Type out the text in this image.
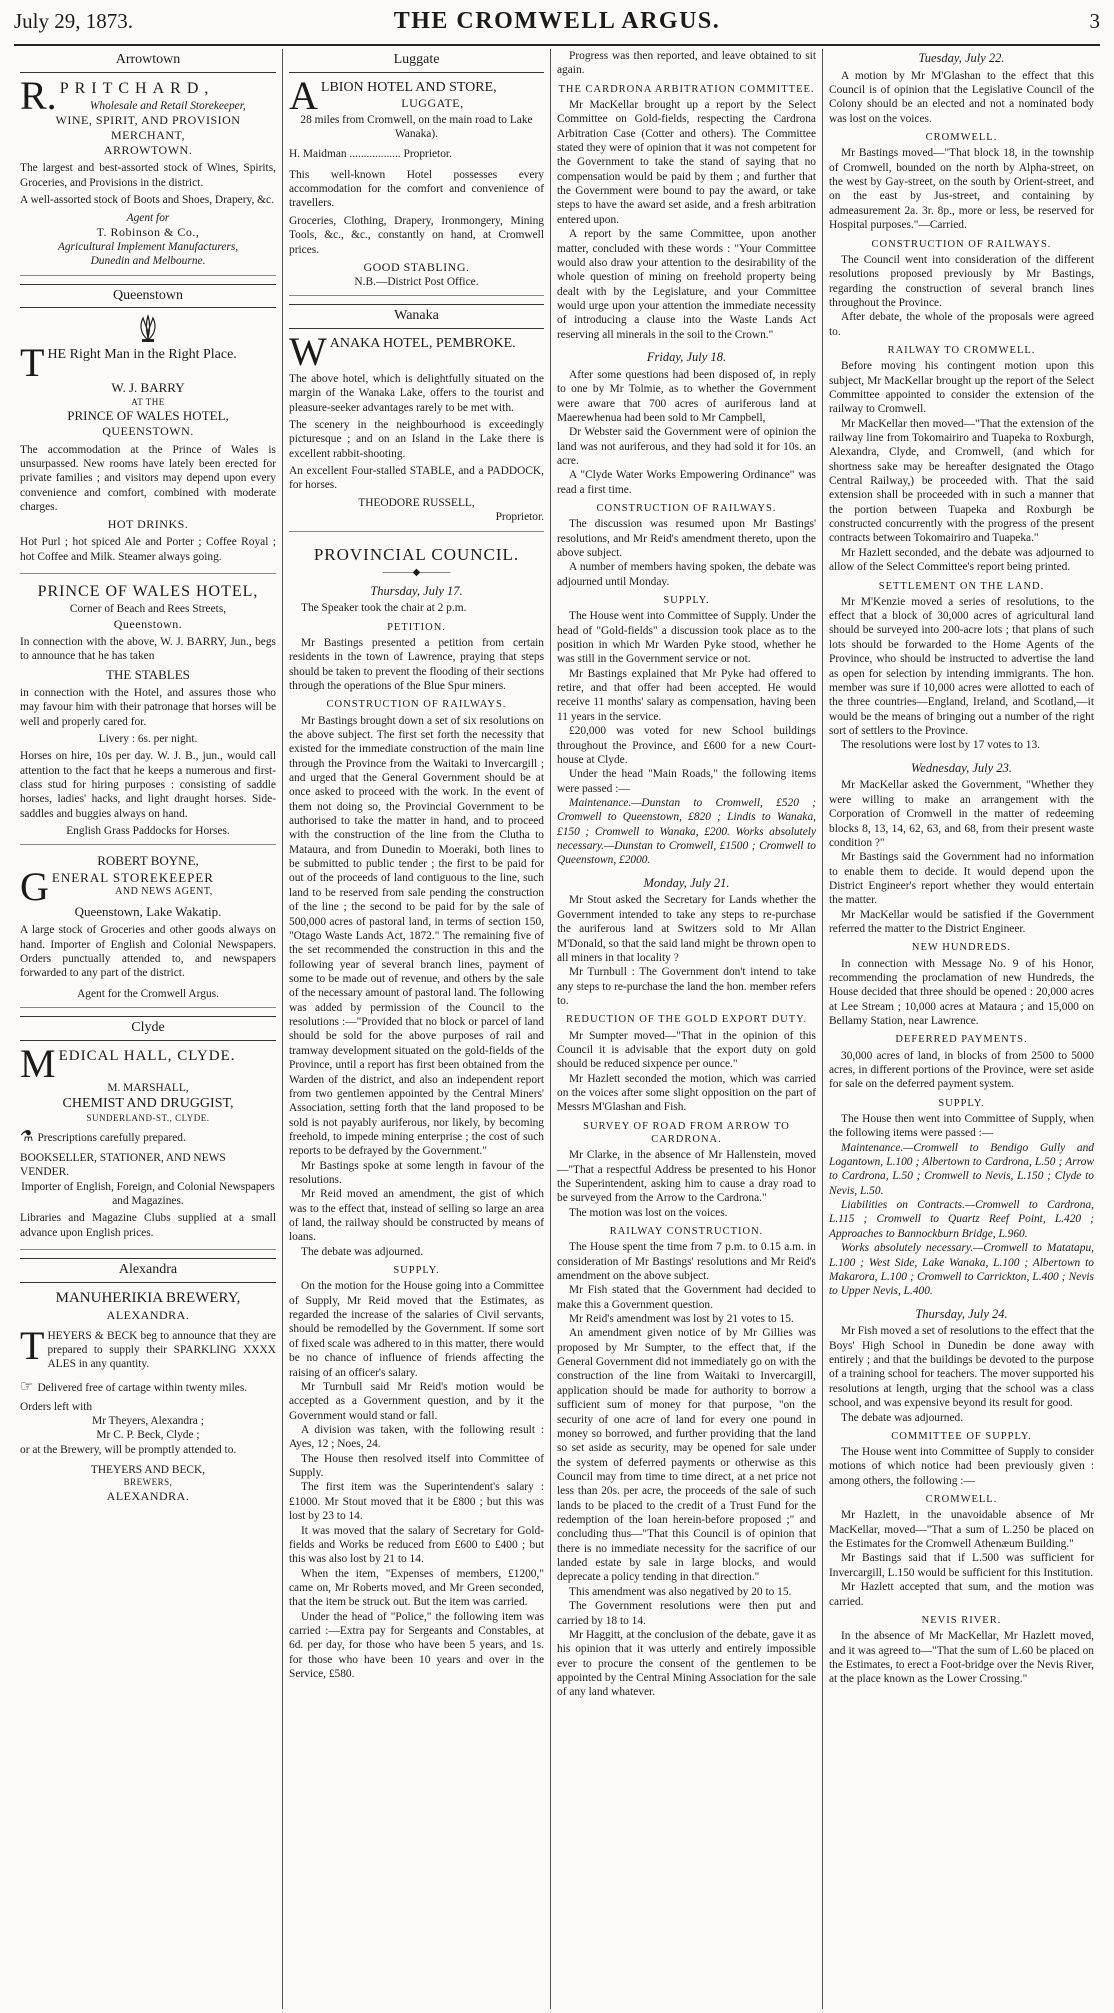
July 29, 1873.	THE CROMWELL ARGUS.	3
Arrowtown
R. PRITCHARD,
Wholesale and Retail Storekeeper,
WINE, SPIRIT, AND PROVISION MERCHANT,
ARROWTOWN.

The largest and best-assorted stock of Wines, Spirits, Groceries, and Provisions in the district.

A well-assorted stock of Boots and Shoes, Drapery, &c.

Agent for
T. Robinson & Co.,
Agricultural Implement Manufacturers,
Dunedin and Melbourne.
Queenstown
THE Right Man in the Right Place.
W. J. BARRY
AT THE
PRINCE OF WALES HOTEL,
QUEENSTOWN.

The accommodation at the Prince of Wales is unsurpassed. New rooms have lately been erected for private families ; and visitors may depend upon every convenience and comfort, combined with moderate charges.

HOT DRINKS.

Hot Purl ; hot spiced Ale and Porter ; Coffee Royal ; hot Coffee and Milk. Steamer always going.

PRINCE OF WALES HOTEL,
Corner of Beach and Rees Streets,
Queenstown.

In connection with the above, W. J. BARRY, Jun., begs to announce that he has taken

THE STABLES

in connection with the Hotel, and assures those who may favour him with their patronage that horses will be well and properly cared for.

Livery : 6s. per night.

Horses on hire, 10s per day. W. J. B., jun., would call attention to the fact that he keeps a numerous and first-class stud for hiring purposes : consisting of saddle horses, ladies' hacks, and light draught horses. Side-saddles and buggies always on hand.

English Grass Paddocks for Horses.
ROBERT BOYNE,
GENERAL STOREKEEPER
AND NEWS AGENT,
Queenstown, Lake Wakatip.

A large stock of Groceries and other goods always on hand. Importer of English and Colonial Newspapers. Orders punctually attended to, and newspapers forwarded to any part of the district.

Agent for the Cromwell Argus.
Clyde
MEDICAL HALL, CLYDE.
M. MARSHALL,
CHEMIST AND DRUGGIST,
SUNDERLAND-ST., CLYDE.
⚗ Prescriptions carefully prepared.
BOOKSELLER, STATIONER, AND NEWS VENDER.
Importer of English, Foreign, and Colonial Newspapers and Magazines.

Libraries and Magazine Clubs supplied at a small advance upon English prices.

Alexandra
MANUHERIKIA BREWERY,
ALEXANDRA.

THEYERS & BECK beg to announce that they are prepared to supply their SPARKLING XXXX ALES in any quantity.

☞ Delivered free of cartage within twenty miles.

Orders left with
Mr Theyers, Alexandra ;
Mr C. P. Beck, Clyde ;
or at the Brewery, will be promptly attended to.
THEYERS AND BECK,
BREWERS,
ALEXANDRA.
Luggate
ALBION HOTEL AND STORE,
LUGGATE,
28 miles from Cromwell, on the main road to Lake Wanaka).
H. Maidman .................. Proprietor.

This well-known Hotel possesses every accommodation for the comfort and convenience of travellers.

Groceries, Clothing, Drapery, Ironmongery, Mining Tools, &c., &c., constantly on hand, at Cromwell prices.

GOOD STABLING.
N.B.—District Post Office.
Wanaka
WANAKA HOTEL, PEMBROKE.

The above hotel, which is delightfully situated on the margin of the Wanaka Lake, offers to the tourist and pleasure-seeker advantages rarely to be met with.

The scenery in the neighbourhood is exceedingly picturesque ; and on an Island in the Lake there is excellent rabbit-shooting.

An excellent Four-stalled STABLE, and a PADDOCK, for horses.

THEODORE RUSSELL,
Proprietor.
PROVINCIAL COUNCIL.
———◆———
Thursday, July 17.

The Speaker took the chair at 2 p.m.

PETITION.

Mr Bastings presented a petition from certain residents in the town of Lawrence, praying that steps should be taken to prevent the flooding of their sections through the operations of the Blue Spur miners.

CONSTRUCTION OF RAILWAYS.

Mr Bastings brought down a set of six resolutions on the above subject. The first set forth the necessity that existed for the immediate construction of the main line through the Province from the Waitaki to Invercargill ; and urged that the General Government should be at once asked to proceed with the work. In the event of them not doing so, the Provincial Government to be authorised to take the matter in hand, and to proceed with the construction of the line from the Clutha to Mataura, and from Dunedin to Moeraki, both lines to be submitted to public tender ; the first to be paid for out of the proceeds of land contiguous to the line, such land to be reserved from sale pending the construction of the line ; the second to be paid for by the sale of 500,000 acres of pastoral land, in terms of section 150, "Otago Waste Lands Act, 1872." The remaining five of the set recommended the construction in this and the following year of several branch lines, payment of some to be made out of revenue, and others by the sale of the necessary amount of pastoral land. The following was added by permission of the Council to the resolutions :—"Provided that no block or parcel of land should be sold for the above purposes of rail and tramway development situated on the gold-fields of the Province, until a report has first been obtained from the Warden of the district, and also an independent report from two gentlemen appointed by the Central Miners' Association, setting forth that the land proposed to be sold is not payably auriferous, nor likely, by becoming freehold, to impede mining enterprise ; the cost of such reports to be defrayed by the Government."

Mr Bastings spoke at some length in favour of the resolutions.

Mr Reid moved an amendment, the gist of which was to the effect that, instead of selling so large an area of land, the railway should be constructed by means of loans.

The debate was adjourned.

SUPPLY.

On the motion for the House going into a Committee of Supply, Mr Reid moved that the Estimates, as regarded the increase of the salaries of Civil servants, should be remodelled by the Government. If some sort of fixed scale was adhered to in this matter, there would be no chance of influence of friends affecting the raising of an officer's salary.

Mr Turnbull said Mr Reid's motion would be accepted as a Government question, and by it the Government would stand or fall.

A division was taken, with the following result : Ayes, 12 ; Noes, 24.

The House then resolved itself into Committee of Supply.

The first item was the Superintendent's salary : £1000. Mr Stout moved that it be £800 ; but this was lost by 23 to 14.

It was moved that the salary of Secretary for Gold-fields and Works be reduced from £600 to £400 ; but this was also lost by 21 to 14.

When the item, "Expenses of members, £1200," came on, Mr Roberts moved, and Mr Green seconded, that the item be struck out. But the item was carried.

Under the head of "Police," the following item was carried :—Extra pay for Sergeants and Constables, at 6d. per day, for those who have been 5 years, and 1s. for those who have been 10 years and over in the Service, £580.

Progress was then reported, and leave obtained to sit again.

THE CARDRONA ARBITRATION COMMITTEE.

Mr MacKellar brought up a report by the Select Committee on Gold-fields, respecting the Cardrona Arbitration Case (Cotter and others). The Committee stated they were of opinion that it was not competent for the Government to take the stand of saying that no compensation would be paid by them ; and further that the Government were bound to pay the award, or take steps to have the award set aside, and a fresh arbitration entered upon.

A report by the same Committee, upon another matter, concluded with these words : "Your Committee would also draw your attention to the desirability of the whole question of mining on freehold property being dealt with by the Legislature, and your Committee would urge upon your attention the immediate necessity of introducing a clause into the Waste Lands Act reserving all minerals in the soil to the Crown."

Friday, July 18.

After some questions had been disposed of, in reply to one by Mr Tolmie, as to whether the Government were aware that 700 acres of auriferous land at Maerewhenua had been sold to Mr Campbell,

Dr Webster said the Government were of opinion the land was not auriferous, and they had sold it for 10s. an acre.

A "Clyde Water Works Empowering Ordinance" was read a first time.

CONSTRUCTION OF RAILWAYS.

The discussion was resumed upon Mr Bastings' resolutions, and Mr Reid's amendment thereto, upon the above subject.

A number of members having spoken, the debate was adjourned until Monday.

SUPPLY.

The House went into Committee of Supply. Under the head of "Gold-fields" a discussion took place as to the position in which Mr Warden Pyke stood, whether he was still in the Government service or not.

Mr Bastings explained that Mr Pyke had offered to retire, and that offer had been accepted. He would receive 11 months' salary as compensation, having been 11 years in the service.

£20,000 was voted for new School buildings throughout the Province, and £600 for a new Court-house at Clyde.

Under the head "Main Roads," the following items were passed :—

Maintenance.—Dunstan to Cromwell, £520 ; Cromwell to Queenstown, £820 ; Lindis to Wanaka, £150 ; Cromwell to Wanaka, £200. Works absolutely necessary.—Dunstan to Cromwell, £1500 ; Cromwell to Queenstown, £2000.

Monday, July 21.

Mr Stout asked the Secretary for Lands whether the Government intended to take any steps to re-purchase the auriferous land at Switzers sold to Mr Allan M'Donald, so that the said land might be thrown open to all miners in that locality ?

Mr Turnbull : The Government don't intend to take any steps to re-purchase the land the hon. member refers to.

REDUCTION OF THE GOLD EXPORT DUTY.

Mr Sumpter moved—"That in the opinion of this Council it is advisable that the export duty on gold should be reduced sixpence per ounce."

Mr Hazlett seconded the motion, which was carried on the voices after some slight opposition on the part of Messrs M'Glashan and Fish.

SURVEY OF ROAD FROM ARROW TO CARDRONA.

Mr Clarke, in the absence of Mr Hallenstein, moved—"That a respectful Address be presented to his Honor the Superintendent, asking him to cause a dray road to be surveyed from the Arrow to the Cardrona."

The motion was lost on the voices.

RAILWAY CONSTRUCTION.

The House spent the time from 7 p.m. to 0.15 a.m. in consideration of Mr Bastings' resolutions and Mr Reid's amendment on the above subject.

Mr Fish stated that the Government had decided to make this a Government question.

Mr Reid's amendment was lost by 21 votes to 15.

An amendment given notice of by Mr Gillies was proposed by Mr Sumpter, to the effect that, if the General Government did not immediately go on with the construction of the line from Waitaki to Invercargill, application should be made for authority to borrow a sufficient sum of money for that purpose, "on the security of one acre of land for every one pound in money so borrowed, and further providing that the land so set aside as security, may be opened for sale under the system of deferred payments or otherwise as this Council may from time to time direct, at a net price not less than 20s. per acre, the proceeds of the sale of such lands to be placed to the credit of a Trust Fund for the redemption of the loan herein-before proposed ;" and concluding thus—"That this Council is of opinion that there is no immediate necessity for the sacrifice of our landed estate by sale in large blocks, and would deprecate a policy tending in that direction."

This amendment was also negatived by 20 to 15.

The Government resolutions were then put and carried by 18 to 14.

Mr Haggitt, at the conclusion of the debate, gave it as his opinion that it was utterly and entirely impossible ever to procure the consent of the gentlemen to be appointed by the Central Mining Association for the sale of any land whatever.

Tuesday, July 22.

A motion by Mr M'Glashan to the effect that this Council is of opinion that the Legislative Council of the Colony should be an elected and not a nominated body was lost on the voices.

CROMWELL.

Mr Bastings moved—"That block 18, in the township of Cromwell, bounded on the north by Alpha-street, on the west by Gay-street, on the south by Orient-street, and on the east by Jus-street, and containing by admeasurement 2a. 3r. 8p., more or less, be reserved for Hospital purposes."—Carried.

CONSTRUCTION OF RAILWAYS.

The Council went into consideration of the different resolutions proposed previously by Mr Bastings, regarding the construction of several branch lines throughout the Province.

After debate, the whole of the proposals were agreed to.

RAILWAY TO CROMWELL.

Before moving his contingent motion upon this subject, Mr MacKellar brought up the report of the Select Committee appointed to consider the extension of the railway to Cromwell.

Mr MacKellar then moved—"That the extension of the railway line from Tokomairiro and Tuapeka to Roxburgh, Alexandra, Clyde, and Cromwell, (and which for shortness sake may be hereafter designated the Otago Central Railway,) be proceeded with. That the said extension shall be proceeded with in such a manner that the portion between Tuapeka and Roxburgh be constructed concurrently with the progress of the present contracts between Tokomairiro and Tuapeka."

Mr Hazlett seconded, and the debate was adjourned to allow of the Select Committee's report being printed.

SETTLEMENT ON THE LAND.

Mr M'Kenzie moved a series of resolutions, to the effect that a block of 30,000 acres of agricultural land should be surveyed into 200-acre lots ; that plans of such lots should be forwarded to the Home Agents of the Province, who should be instructed to advertise the land as open for selection by intending immigrants. The hon. member was sure if 10,000 acres were allotted to each of the three countries—England, Ireland, and Scotland,—it would be the means of bringing out a number of the right sort of settlers to the Province.

The resolutions were lost by 17 votes to 13.

Wednesday, July 23.

Mr MacKellar asked the Government, "Whether they were willing to make an arrangement with the Corporation of Cromwell in the matter of redeeming blocks 8, 13, 14, 62, 63, and 68, from their present waste condition ?"

Mr Bastings said the Government had no information to enable them to decide. It would depend upon the District Engineer's report whether they would entertain the matter.

Mr MacKellar would be satisfied if the Government referred the matter to the District Engineer.

NEW HUNDREDS.

In connection with Message No. 9 of his Honor, recommending the proclamation of new Hundreds, the House decided that three should be opened : 20,000 acres at Lee Stream ; 10,000 acres at Mataura ; and 15,000 on Bellamy Station, near Lawrence.

DEFERRED PAYMENTS.

30,000 acres of land, in blocks of from 2500 to 5000 acres, in different portions of the Province, were set aside for sale on the deferred payment system.

SUPPLY.

The House then went into Committee of Supply, when the following items were passed :—

Maintenance.—Cromwell to Bendigo Gully and Logantown, L.100 ; Albertown to Cardrona, L.50 ; Arrow to Cardrona, L.50 ; Cromwell to Nevis, L.150 ; Clyde to Nevis, L.50.

Liabilities on Contracts.—Cromwell to Cardrona, L.115 ; Cromwell to Quartz Reef Point, L.420 ; Approaches to Bannockburn Bridge, L.960.

Works absolutely necessary.—Cromwell to Matatapu, L.100 ; West Side, Lake Wanaka, L.100 ; Albertown to Makarora, L.100 ; Cromwell to Carrickton, L.400 ; Nevis to Upper Nevis, L.400.

Thursday, July 24.

Mr Fish moved a set of resolutions to the effect that the Boys' High School in Dunedin be done away with entirely ; and that the buildings be devoted to the purpose of a training school for teachers. The mover supported his resolutions at length, urging that the school was a class school, and was expensive beyond its result for good.

The debate was adjourned.

COMMITTEE OF SUPPLY.

The House went into Committee of Supply to consider motions of which notice had been previously given : among others, the following :—

CROMWELL.

Mr Hazlett, in the unavoidable absence of Mr MacKellar, moved—"That a sum of L.250 be placed on the Estimates for the Cromwell Athenæum Building."

Mr Bastings said that if L.500 was sufficient for Invercargill, L.150 would be sufficient for this Institution.

Mr Hazlett accepted that sum, and the motion was carried.

NEVIS RIVER.

In the absence of Mr MacKellar, Mr Hazlett moved, and it was agreed to—"That the sum of L.60 be placed on the Estimates, to erect a Foot-bridge over the Nevis River, at the place known as the Lower Crossing."
